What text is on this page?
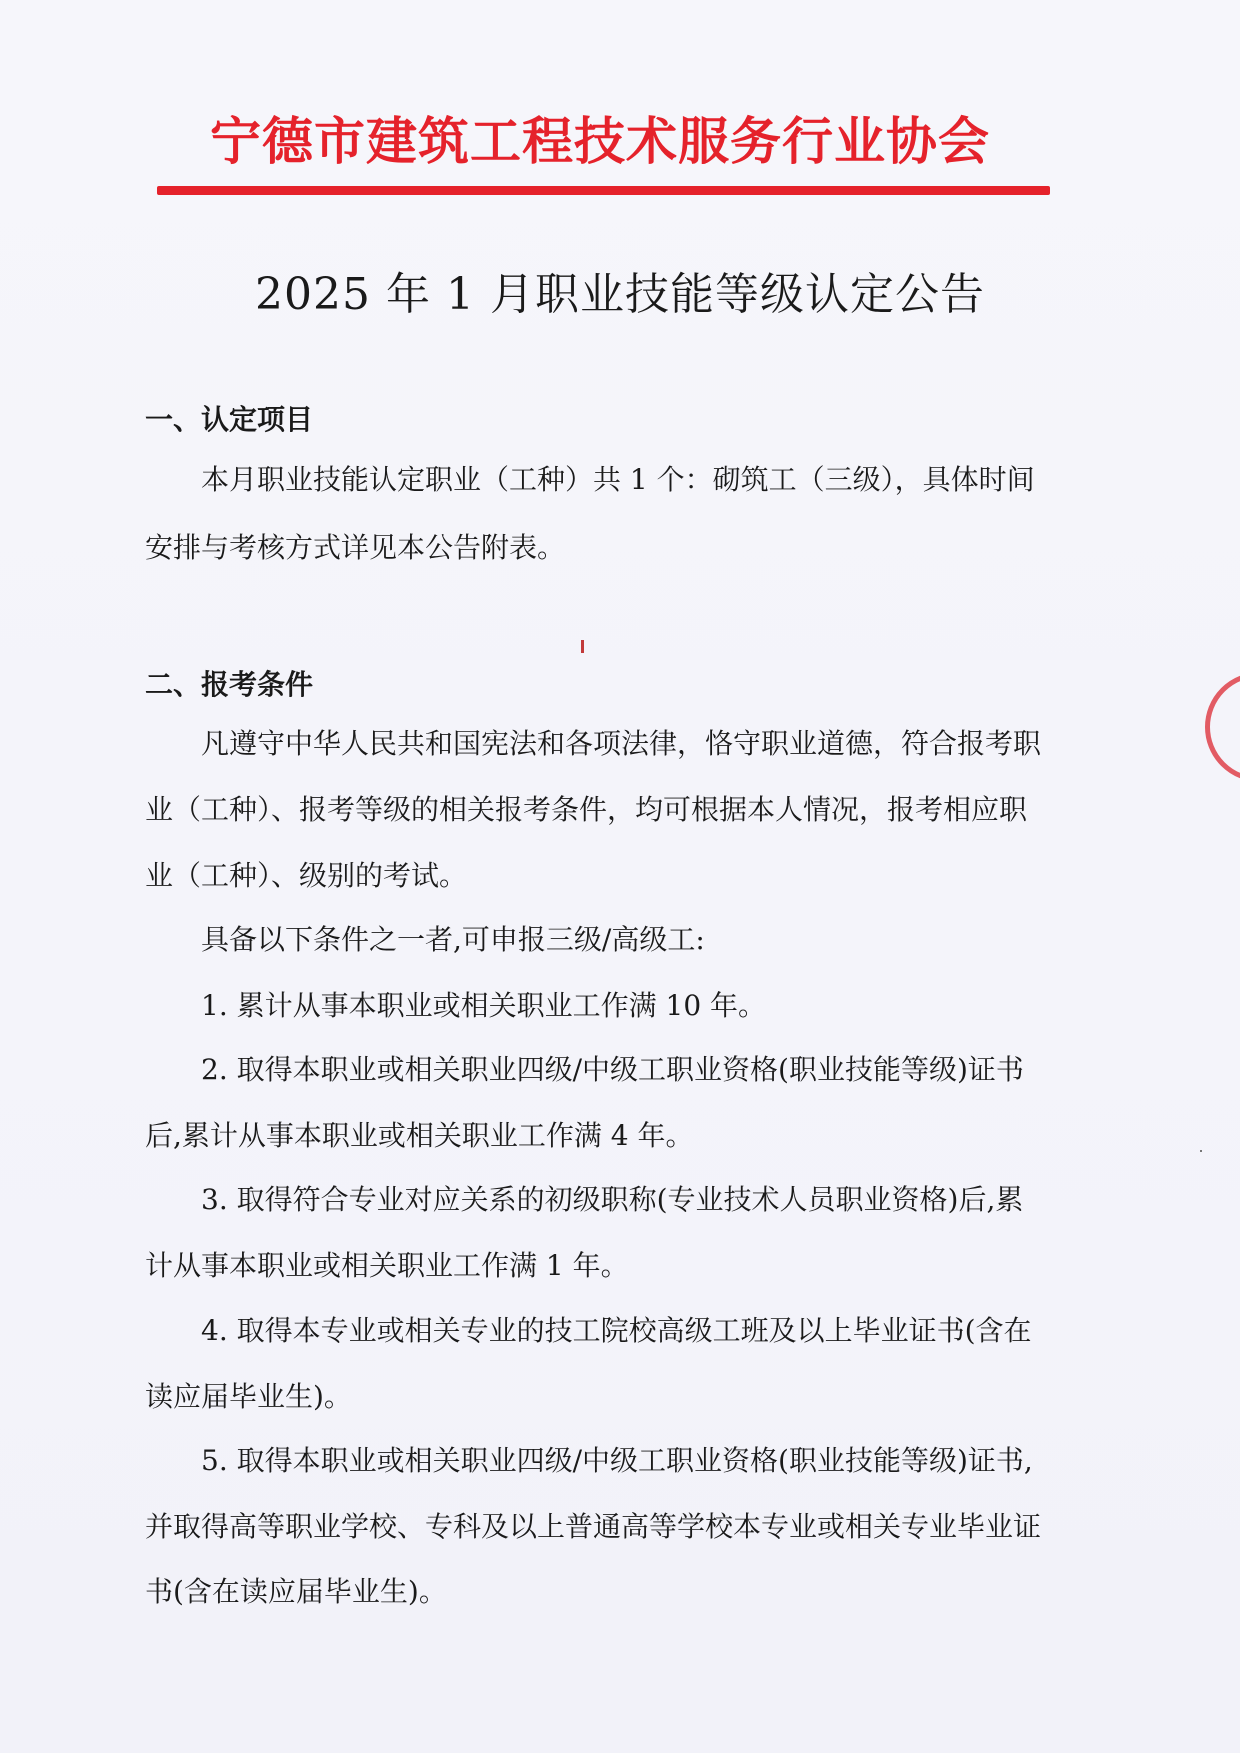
宁德市建筑工程技术服务行业协会
2025 年 1 月职业技能等级认定公告
一、认定项目
本月职业技能认定职业（工种）共 1 个：砌筑工（三级），具体时间
安排与考核方式详见本公告附表。
二、报考条件
凡遵守中华人民共和国宪法和各项法律，恪守职业道德，符合报考职
业（工种）、报考等级的相关报考条件，均可根据本人情况，报考相应职
业（工种）、级别的考试。
具备以下条件之一者,可申报三级/高级工:
1. 累计从事本职业或相关职业工作满 10 年。
2. 取得本职业或相关职业四级/中级工职业资格(职业技能等级)证书
后,累计从事本职业或相关职业工作满 4 年。
3. 取得符合专业对应关系的初级职称(专业技术人员职业资格)后,累
计从事本职业或相关职业工作满 1 年。
4. 取得本专业或相关专业的技工院校高级工班及以上毕业证书(含在
读应届毕业生)。
5. 取得本职业或相关职业四级/中级工职业资格(职业技能等级)证书,
并取得高等职业学校、专科及以上普通高等学校本专业或相关专业毕业证
书(含在读应届毕业生)。
